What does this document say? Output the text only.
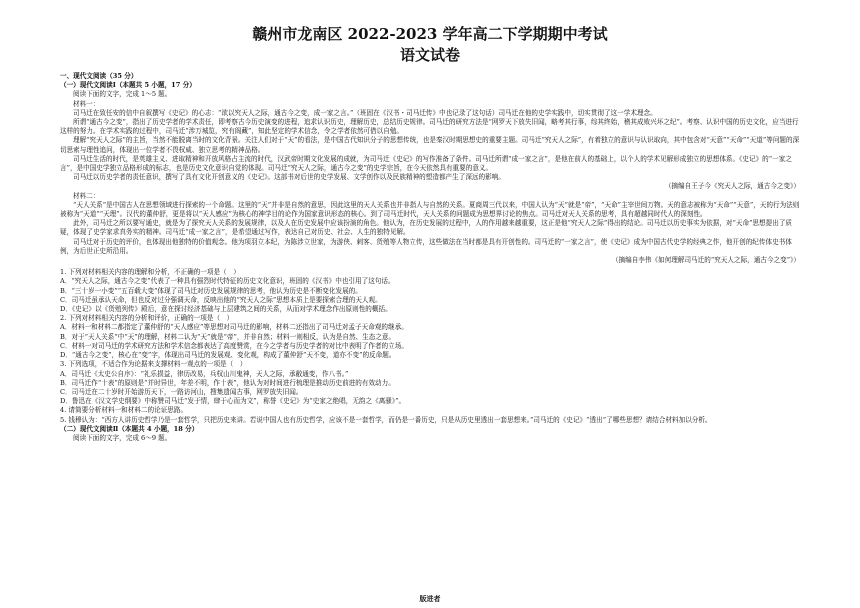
赣州市龙南区 2022-2023 学年高二下学期期中考试
语文试卷

一、现代文阅读（35 分）

（一）现代文阅读Ⅰ（本题共 5 小题，17 分）

阅读下面的文字，完成 1～5 题。

材料一：

司马迁在致任安的信中自叙撰写《史记》的心志：“欲以究天人之际，通古今之变，成一家之言。”（班固在《汉书・司马迁传》中也记录了这句话）司马迁在他的史学实践中，切实贯彻了这一学术理念。

所谓“通古今之变”，指出了历史学者的学术责任，即考察古今历史演变的进程，追求认识历史，理解历史，总结历史规律。司马迁的研究方法是“网罗天下放失旧闻，略考其行事，综其终始，稽其成败兴坏之纪”。考察、认识中国的历史文化，应当进行这样的努力。在学术实践的过程中，司马迁“涉万城览，究有阁藏”，知此坚定的学术信念，令之学者依然可借以自勉。

理解“究天人之际”的主旨，当然不能脱离当时的文化背景。关注人们对于“天”的看法，是中国古代知识分子的思想传统，也是秦汉时期思想史的重要主题。司马迁“究天人之际”，有着独立的意识与认识取向，其中包含对“天意”“天命”“天道”等问题的深切思索与理性追问，体现出一位学者不畏权威、独立思考的精神品格。

司马迁生活的时代，是英雄主义、进取精神和开放风格占主流的时代，汉武帝时期文化发展的成就，为司马迁《史记》的写作准备了条件。司马迁所谓“成一家之言”，是他在前人的基础上，以个人的学术见解形成独立的思想体系。《史记》的“一家之言”，是中国史学独立品格形成的标志，也是历史文化意识自觉的体现。司马迁“究天人之际，通古今之变”的史学宗旨，在今天依然具有重要的意义。

司马迁以历史学者的责任意识，撰写了具有文化开创意义的《史记》。这部书对后世的史学发展、文学创作以及民族精神的塑造都产生了深远的影响。

（摘编自王子今《究天人之际，通古今之变》）

材料二：

“天人关系”是中国古人在思想领域进行探索的一个命题。这里的“天”并非是自然的意思，因此这里的天人关系也并非指人与自然的关系。夏商周三代以来，中国人认为“天”就是“帝”，“天命”主宰世间万物。天的意志被称为“天命”“天意”，天的行为法则被称为“天道”“天理”。汉代的董仲舒，更是将以“天人感应”为核心的神学目的论作为国家意识形态的核心。到了司马迁时代，天人关系的问题成为思想界讨论的焦点。司马迁对天人关系的思考，具有超越同时代人的深刻性。

此外，司马迁之所以要写通史，就是为了探究天人关系的发展规律，以及人在历史发展中应该扮演的角色。他认为，在历史发展的过程中，人的作用越来越重要，这正是他“究天人之际”得出的结论。司马迁以历史事实为依据，对“天命”思想提出了质疑，体现了史学家求真务实的精神。司马迁“成一家之言”，是希望通过写作，表达自己对历史、社会、人生的独特见解。

司马迁对于历史的评价，也体现出他独特的价值观念。他为项羽立本纪，为陈涉立世家，为游侠、刺客、货殖等人物立传，这些做法在当时都是具有开创性的。司马迁的“一家之言”，使《史记》成为中国古代史学的经典之作，他开创的纪传体史书体例，为后世正史所沿用。

（摘编自李伟《如何理解司马迁的“究天人之际，通古今之变”》）

1. 下列对材料相关内容的理解和分析，不正确的一项是（　）

A．“究天人之际，通古今之变”代表了一种具有强烈时代特征的历史文化意识，班固的《汉书》中也引用了这句话。

B．“三十岁一小变”“五百载大变”体现了司马迁对历史发展规律的思考，他认为历史是不断变化发展的。

C．司马迁虽承认天命，但也反对过分强调天命，反映出他的“究天人之际”思想本质上是要探索合理的天人观。

D．《史记》以《货殖列传》殿后，意在探讨经济基础与上层建筑之间的关系，从而对学术理念作出原则性的概括。

2. 下列对材料相关内容的分析和评价，正确的一项是（　）

A．材料一和材料二都指定了董仲舒的“天人感应”等思想对司马迁的影响，材料二还指出了司马迁对孟子天命观的继承。

B．对于“天人关系”中“天”的理解，材料二认为“天”就是“帝”，并非自然；材料一则相反，认为是自然、生态之意。

C．材料一对司马迁的学术研究方法和学术信念都表达了高度赞赏，在今之学者与历史学者的对比中表明了作者的立场。

D．“通古今之变”，核心在“变”字，体现出司马迁的发展观、变化观，构成了董仲舒“天不变，道亦不变”的反命题。

3. 下列选项，不适合作为论据来支撑材料一观点的一项是（　）

A．司马迁《太史公自序》：“礼乐损益，律历改易，兵权山川鬼神，天人之际，承敝通变，作八书。”

B．司马迁作“十表”的原则是“并时异世，年差不明，作十表”，他认为对时间进行梳理是推动历史前进的有效动力。

C．司马迁在二十岁时开始游历天下，一路访河山，搜集遗闻古事，网罗放失旧闻。

D．鲁迅在《汉文学史纲要》中称赞司马迁“发于情，肆于心而为文”，称誉《史记》为“史家之绝唱，无韵之《离骚》”。

4. 请简要分析材料一和材料二的论证思路。

5. 钱穆认为：“西方人讲历史哲学乃是一套哲学，只把历史来讲。若说中国人也有历史哲学，应该不是一套哲学，而仍是一番历史，只是从历史里透出一套思想来。”司马迁的《史记》“透出”了哪些思想？请结合材料加以分析。

（二）现代文阅读Ⅱ（本题共 4 小题，18 分）

阅读下面的文字，完成 6～9 题。

版进者
